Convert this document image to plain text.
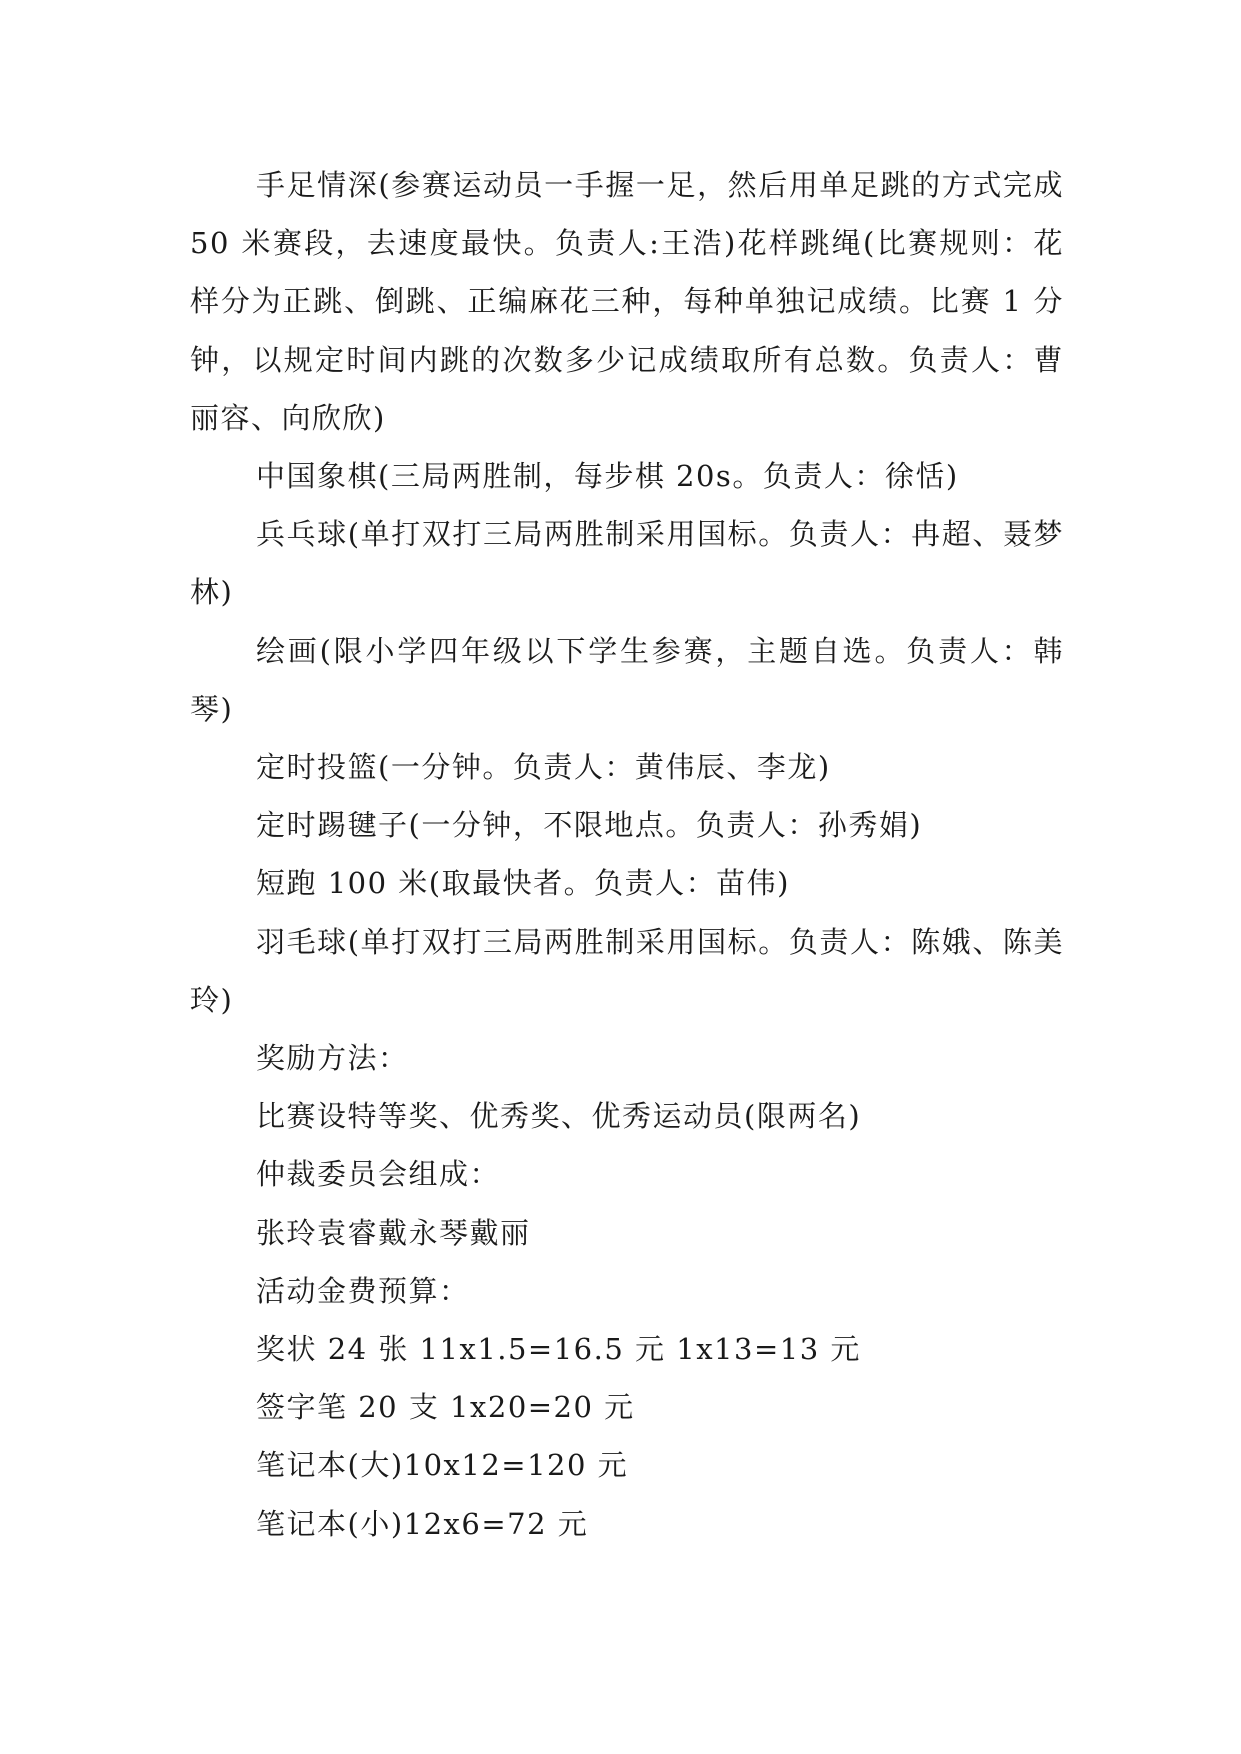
手足情深(参赛运动员一手握一足，然后用单足跳的方式完成 50 米赛段，去速度最快。负责人:王浩)花样跳绳(比赛规则：花样分为正跳、倒跳、正编麻花三种，每种单独记成绩。比赛 1 分钟，以规定时间内跳的次数多少记成绩取所有总数。负责人：曹丽容、向欣欣)

中国象棋(三局两胜制，每步棋 20s。负责人：徐恬)

兵乓球(单打双打三局两胜制采用国标。负责人：冉超、聂梦林)

绘画(限小学四年级以下学生参赛，主题自选。负责人：韩琴)

定时投篮(一分钟。负责人：黄伟辰、李龙)

定时踢毽子(一分钟，不限地点。负责人：孙秀娟)

短跑 100 米(取最快者。负责人：苗伟)

羽毛球(单打双打三局两胜制采用国标。负责人：陈娥、陈美玲)

奖励方法：

比赛设特等奖、优秀奖、优秀运动员(限两名)

仲裁委员会组成：

张玲袁睿戴永琴戴丽

活动金费预算：

奖状 24 张 11x1.5=16.5 元 1x13=13 元

签字笔 20 支 1x20=20 元

笔记本(大)10x12=120 元

笔记本(小)12x6=72 元
